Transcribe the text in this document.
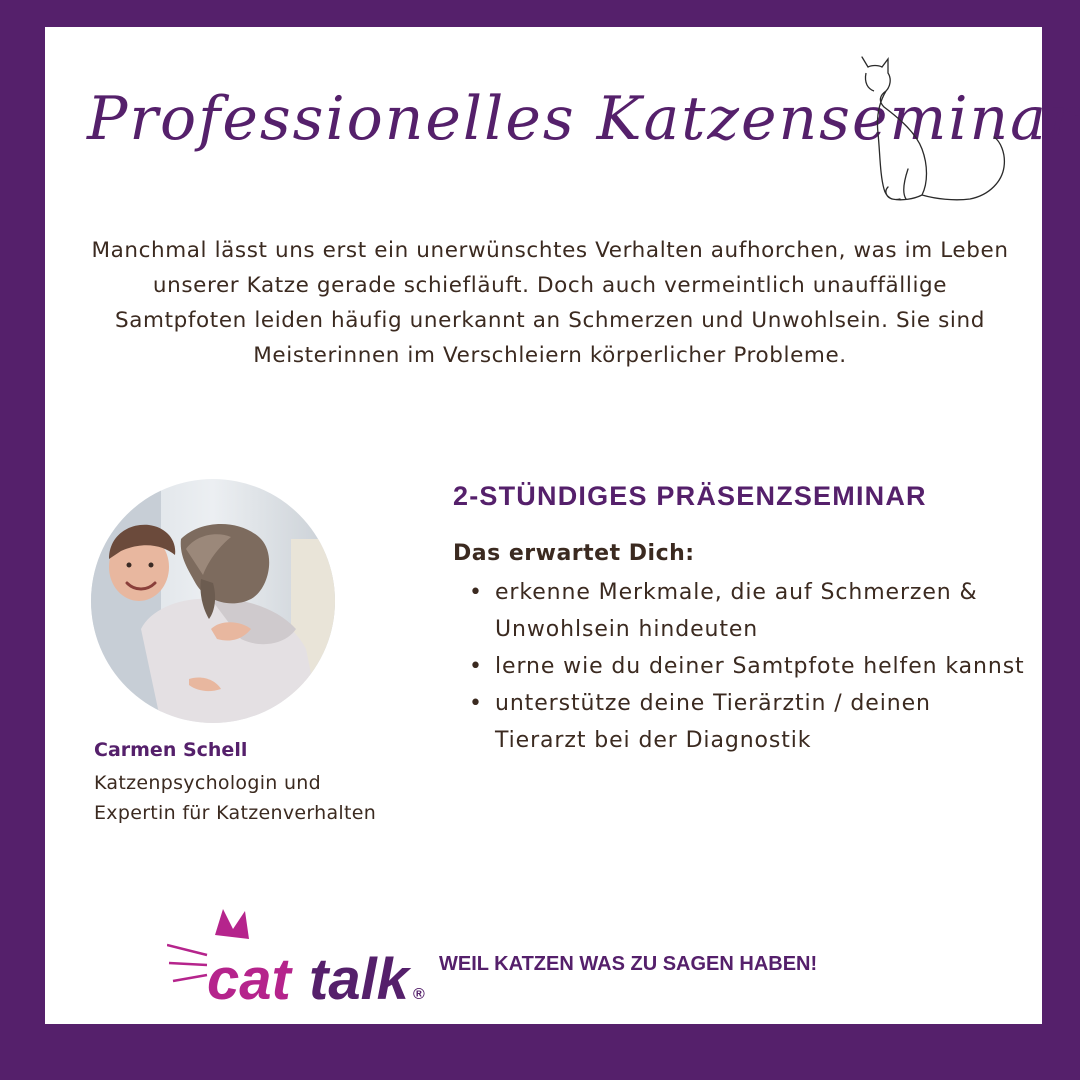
Professionelles Katzenseminar
Manchmal lässt uns erst ein unerwünschtes Verhalten aufhorchen, was im Leben unserer Katze gerade schiefläuft. Doch auch vermeintlich unauffällige Samtpfoten leiden häufig unerkannt an Schmerzen und Unwohlsein. Sie sind Meisterinnen im Verschleiern körperlicher Probleme.
Carmen Schell
Katzenpsychologin und
Expertin für Katzenverhalten
2-STÜNDIGES PRÄSENZSEMINAR
Das erwartet Dich:
• erkenne Merkmale, die auf Schmerzen & Unwohlsein hindeuten
• lerne wie du deiner Samtpfote helfen kannst
• unterstütze deine Tierärztin / deinen Tierarzt bei der Diagnostik
cat talk ®
WEIL KATZEN WAS ZU SAGEN HABEN!
